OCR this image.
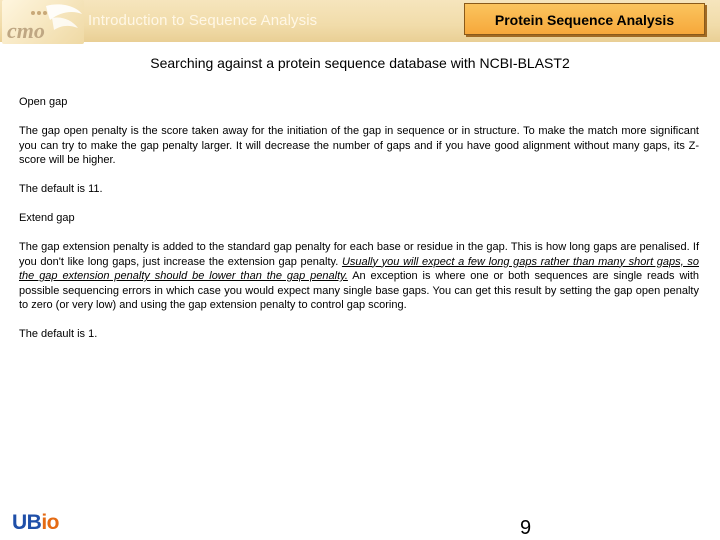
cmo	Introduction to Sequence Analysis	Protein Sequence Analysis
Searching against a protein sequence database with NCBI-BLAST2

Open gap

The gap open penalty is the score taken away for the initiation of the gap in sequence or in structure. To make the match more significant you can try to make the gap penalty larger. It will decrease the number of gaps and if you have good alignment without many gaps, its Z-score will be higher.

The default is 11.

Extend gap

The gap extension penalty is added to the standard gap penalty for each base or residue in the gap. This is how long gaps are penalised. If you don't like long gaps, just increase the extension gap penalty. Usually you will expect a few long gaps rather than many short gaps, so the gap extension penalty should be lower than the gap penalty. An exception is where one or both sequences are single reads with possible sequencing errors in which case you would expect many single base gaps. You can get this result by setting the gap open penalty to zero (or very low) and using the gap extension penalty to control gap scoring.

The default is 1.

UBio	9
